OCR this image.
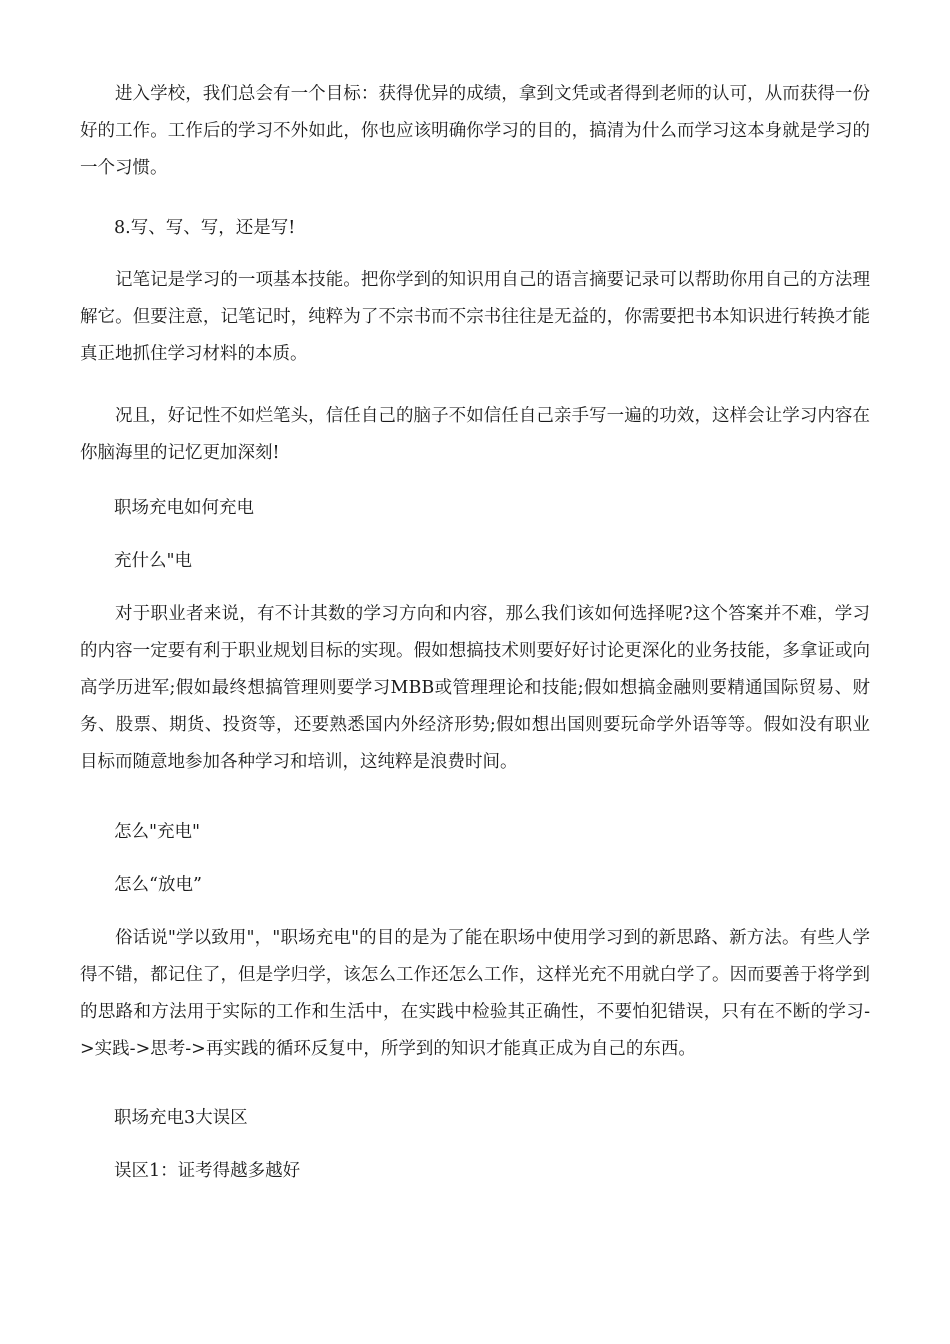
进入学校，我们总会有一个目标：获得优异的成绩，拿到文凭或者得到老师的认可，从而获得一份好的工作。工作后的学习不外如此，你也应该明确你学习的目的，搞清为什么而学习这本身就是学习的一个习惯。

8.写、写、写，还是写!

记笔记是学习的一项基本技能。把你学到的知识用自己的语言摘要记录可以帮助你用自己的方法理解它。但要注意，记笔记时，纯粹为了不宗书而不宗书往往是无益的，你需要把书本知识进行转换才能真正地抓住学习材料的本质。

况且，好记性不如烂笔头，信任自己的脑子不如信任自己亲手写一遍的功效，这样会让学习内容在你脑海里的记忆更加深刻!

职场充电如何充电

充什么"电

对于职业者来说，有不计其数的学习方向和内容，那么我们该如何选择呢?这个答案并不难，学习的内容一定要有利于职业规划目标的实现。假如想搞技术则要好好讨论更深化的业务技能，多拿证或向高学历进军;假如最终想搞管理则要学习MBB或管理理论和技能;假如想搞金融则要精通国际贸易、财务、股票、期货、投资等，还要熟悉国内外经济形势;假如想出国则要玩命学外语等等。假如没有职业目标而随意地参加各种学习和培训，这纯粹是浪费时间。

怎么"充电"

怎么“放电”

俗话说"学以致用"，"职场充电"的目的是为了能在职场中使用学习到的新思路、新方法。有些人学得不错，都记住了，但是学归学，该怎么工作还怎么工作，这样光充不用就白学了。因而要善于将学到的思路和方法用于实际的工作和生活中，在实践中检验其正确性，不要怕犯错误，只有在不断的学习->实践->思考->再实践的循环反复中，所学到的知识才能真正成为自己的东西。

职场充电3大误区

误区1：证考得越多越好
